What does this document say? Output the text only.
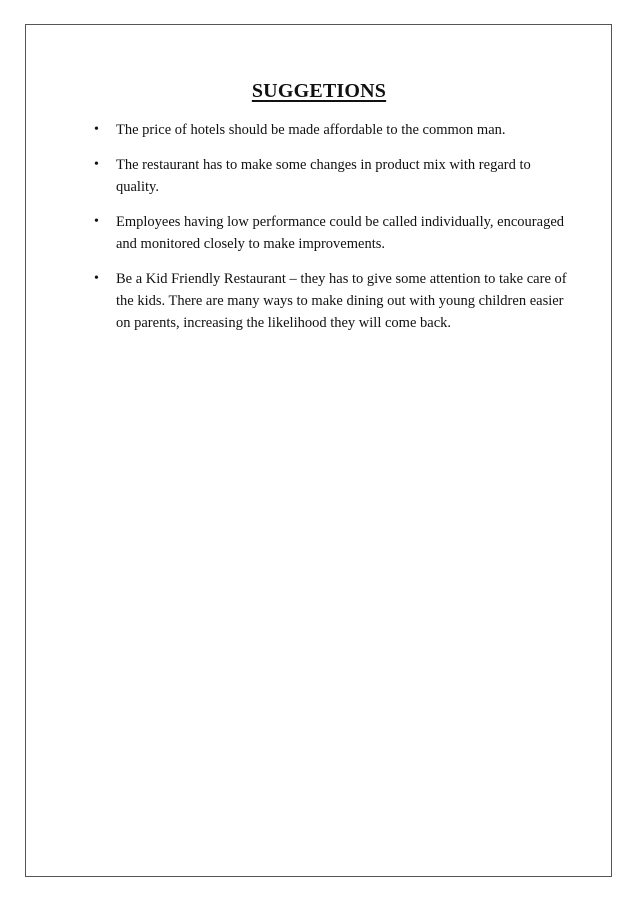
SUGGETIONS
• The price of hotels should be made affordable to the common man.
• The restaurant has to make some changes in product mix with regard to quality.
• Employees having low performance could be called individually, encouraged and monitored closely to make improvements.
• Be a Kid Friendly Restaurant – they has to give some attention to take care of the kids. There are many ways to make dining out with young children easier on parents, increasing the likelihood they will come back.
